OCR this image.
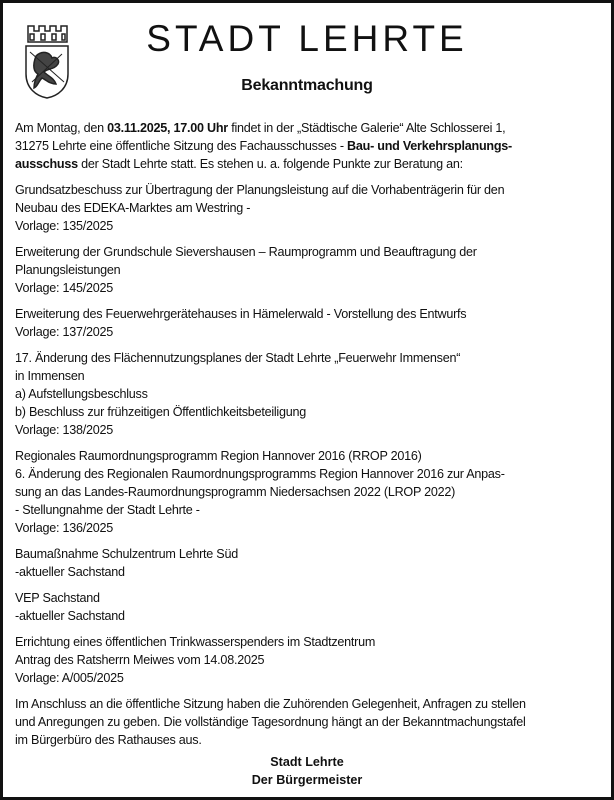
STADT LEHRTE
Bekanntmachung
Am Montag, den 03.11.2025, 17.00 Uhr findet in der „Städtische Galerie“ Alte Schlosserei 1,
31275 Lehrte eine öffentliche Sitzung des Fachausschusses - Bau- und Verkehrsplanungs-
ausschuss der Stadt Lehrte statt. Es stehen u. a. folgende Punkte zur Beratung an:
Grundsatzbeschuss zur Übertragung der Planungsleistung auf die Vorhabenträgerin für den
Neubau des EDEKA-Marktes am Westring -
Vorlage: 135/2025
Erweiterung der Grundschule Sievershausen – Raumprogramm und Beauftragung der
Planungsleistungen
Vorlage: 145/2025
Erweiterung des Feuerwehrgerätehauses in Hämelerwald - Vorstellung des Entwurfs
Vorlage: 137/2025
17. Änderung des Flächennutzungsplanes der Stadt Lehrte „Feuerwehr Immensen“
in Immensen
a) Aufstellungsbeschluss
b) Beschluss zur frühzeitigen Öffentlichkeitsbeteiligung
Vorlage: 138/2025
Regionales Raumordnungsprogramm Region Hannover 2016 (RROP 2016)
6. Änderung des Regionalen Raumordnungsprogramms Region Hannover 2016 zur Anpas-
sung an das Landes-Raumordnungsprogramm Niedersachsen 2022 (LROP 2022)
- Stellungnahme der Stadt Lehrte -
Vorlage: 136/2025
Baumaßnahme Schulzentrum Lehrte Süd
-aktueller Sachstand
VEP Sachstand
-aktueller Sachstand
Errichtung eines öffentlichen Trinkwasserspenders im Stadtzentrum
Antrag des Ratsherrn Meiwes vom 14.08.2025
Vorlage: A/005/2025
Im Anschluss an die öffentliche Sitzung haben die Zuhörenden Gelegenheit, Anfragen zu stellen
und Anregungen zu geben. Die vollständige Tagesordnung hängt an der Bekanntmachungstafel
im Bürgerbüro des Rathauses aus.
Stadt Lehrte
Der Bürgermeister
